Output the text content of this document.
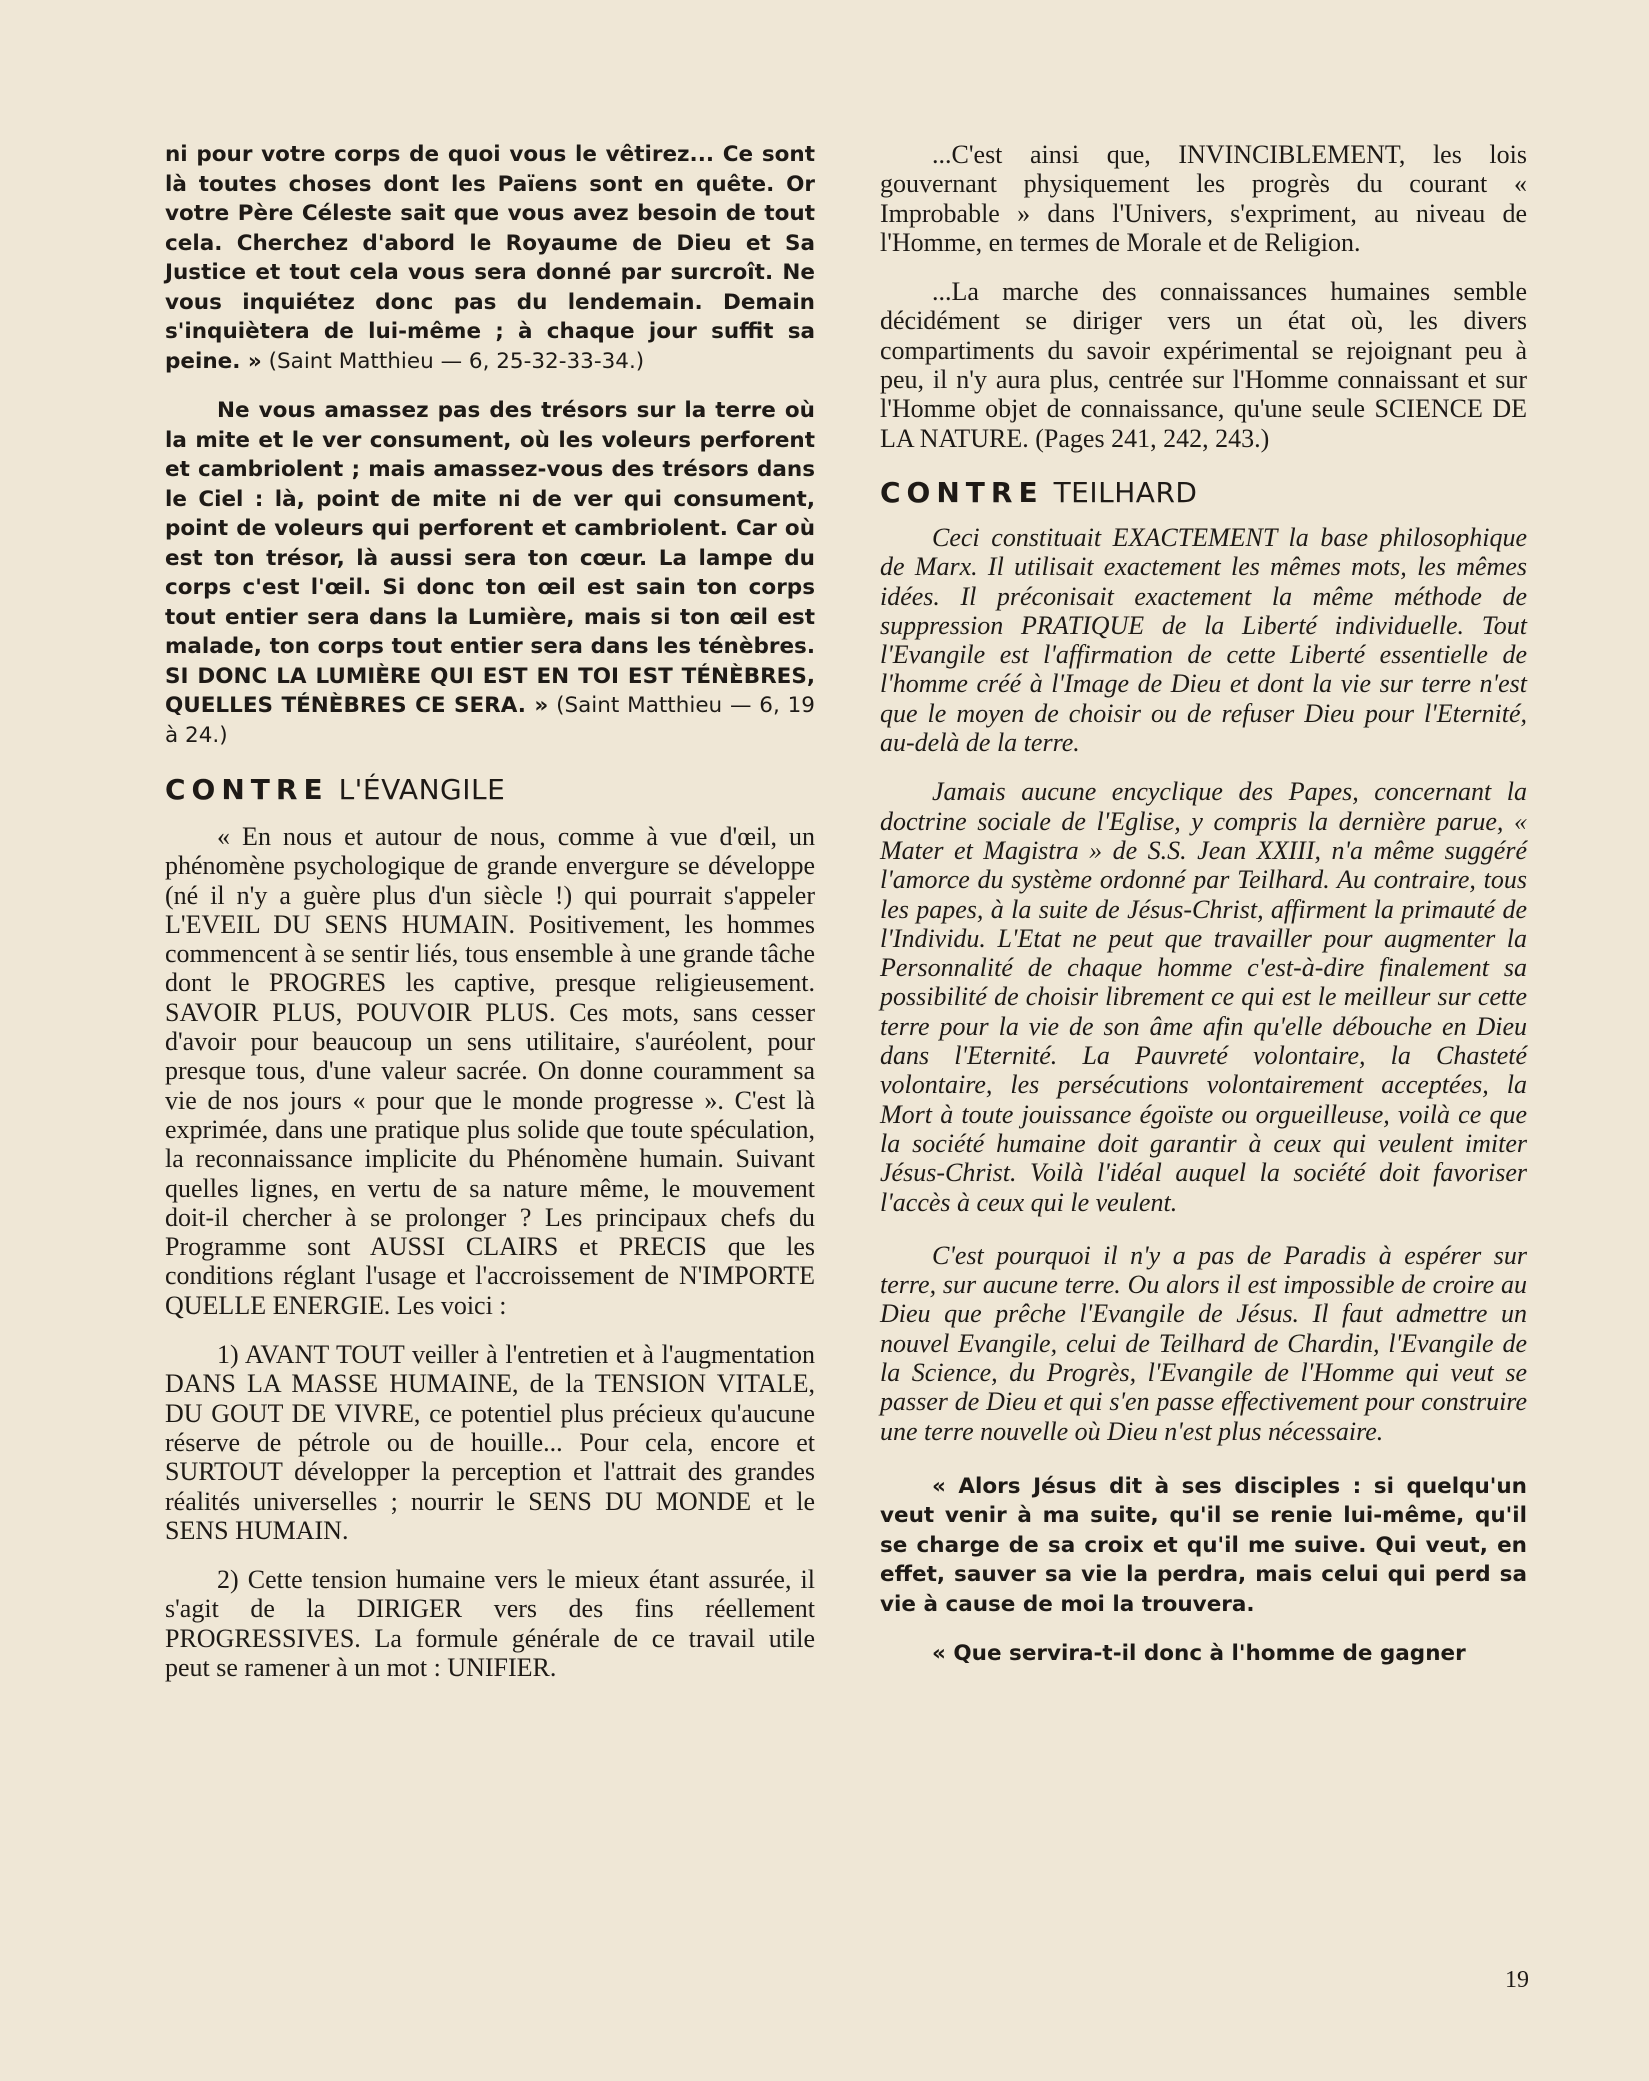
ni pour votre corps de quoi vous le vêtirez... Ce sont là toutes choses dont les Païens sont en quête. Or votre Père Céleste sait que vous avez besoin de tout cela. Cherchez d'abord le Royaume de Dieu et Sa Justice et tout cela vous sera donné par surcroît. Ne vous inquiétez donc pas du lendemain. Demain s'inquiètera de lui-même ; à chaque jour suffit sa peine. » (Saint Matthieu — 6, 25-32-33-34.)

Ne vous amassez pas des trésors sur la terre où la mite et le ver consument, où les voleurs perforent et cambriolent ; mais amassez-vous des trésors dans le Ciel : là, point de mite ni de ver qui consument, point de voleurs qui perforent et cambriolent. Car où est ton trésor, là aussi sera ton cœur. La lampe du corps c'est l'œil. Si donc ton œil est sain ton corps tout entier sera dans la Lumière, mais si ton œil est malade, ton corps tout entier sera dans les ténèbres. SI DONC LA LUMIÈRE QUI EST EN TOI EST TÉNÈBRES, QUELLES TÉNÈBRES CE SERA. » (Saint Matthieu — 6, 19 à 24.)

CONTRE L'ÉVANGILE

« En nous et autour de nous, comme à vue d'œil, un phénomène psychologique de grande envergure se développe (né il n'y a guère plus d'un siècle !) qui pourrait s'appeler L'EVEIL DU SENS HUMAIN. Positivement, les hommes commencent à se sentir liés, tous ensemble à une grande tâche dont le PROGRES les captive, presque religieusement. SAVOIR PLUS, POUVOIR PLUS. Ces mots, sans cesser d'avoir pour beaucoup un sens utilitaire, s'auréolent, pour presque tous, d'une valeur sacrée. On donne couramment sa vie de nos jours « pour que le monde progresse ». C'est là exprimée, dans une pratique plus solide que toute spéculation, la reconnaissance implicite du Phénomène humain. Suivant quelles lignes, en vertu de sa nature même, le mouvement doit-il chercher à se prolonger ? Les principaux chefs du Programme sont AUSSI CLAIRS et PRECIS que les conditions réglant l'usage et l'accroissement de N'IMPORTE QUELLE ENERGIE. Les voici :

1) AVANT TOUT veiller à l'entretien et à l'augmentation DANS LA MASSE HUMAINE, de la TENSION VITALE, DU GOUT DE VIVRE, ce potentiel plus précieux qu'aucune réserve de pétrole ou de houille... Pour cela, encore et SURTOUT développer la perception et l'attrait des grandes réalités universelles ; nourrir le SENS DU MONDE et le SENS HUMAIN.

2) Cette tension humaine vers le mieux étant assurée, il s'agit de la DIRIGER vers des fins réellement PROGRESSIVES. La formule générale de ce travail utile peut se ramener à un mot : UNIFIER.

...C'est ainsi que, INVINCIBLEMENT, les lois gouvernant physiquement les progrès du courant « Improbable » dans l'Univers, s'expriment, au niveau de l'Homme, en termes de Morale et de Religion.

...La marche des connaissances humaines semble décidément se diriger vers un état où, les divers compartiments du savoir expérimental se rejoignant peu à peu, il n'y aura plus, centrée sur l'Homme connaissant et sur l'Homme objet de connaissance, qu'une seule SCIENCE DE LA NATURE. (Pages 241, 242, 243.)

CONTRE TEILHARD

Ceci constituait EXACTEMENT la base philosophique de Marx. Il utilisait exactement les mêmes mots, les mêmes idées. Il préconisait exactement la même méthode de suppression PRATIQUE de la Liberté individuelle. Tout l'Evangile est l'affirmation de cette Liberté essentielle de l'homme créé à l'Image de Dieu et dont la vie sur terre n'est que le moyen de choisir ou de refuser Dieu pour l'Eternité, au-delà de la terre.

Jamais aucune encyclique des Papes, concernant la doctrine sociale de l'Eglise, y compris la dernière parue, « Mater et Magistra » de S.S. Jean XXIII, n'a même suggéré l'amorce du système ordonné par Teilhard. Au contraire, tous les papes, à la suite de Jésus-Christ, affirment la primauté de l'Individu. L'Etat ne peut que travailler pour augmenter la Personnalité de chaque homme c'est-à-dire finalement sa possibilité de choisir librement ce qui est le meilleur sur cette terre pour la vie de son âme afin qu'elle débouche en Dieu dans l'Eternité. La Pauvreté volontaire, la Chasteté volontaire, les persécutions volontairement acceptées, la Mort à toute jouissance égoïste ou orgueilleuse, voilà ce que la société humaine doit garantir à ceux qui veulent imiter Jésus-Christ. Voilà l'idéal auquel la société doit favoriser l'accès à ceux qui le veulent.

C'est pourquoi il n'y a pas de Paradis à espérer sur terre, sur aucune terre. Ou alors il est impossible de croire au Dieu que prêche l'Evangile de Jésus. Il faut admettre un nouvel Evangile, celui de Teilhard de Chardin, l'Evangile de la Science, du Progrès, l'Evangile de l'Homme qui veut se passer de Dieu et qui s'en passe effectivement pour construire une terre nouvelle où Dieu n'est plus nécessaire.

« Alors Jésus dit à ses disciples : si quelqu'un veut venir à ma suite, qu'il se renie lui-même, qu'il se charge de sa croix et qu'il me suive. Qui veut, en effet, sauver sa vie la perdra, mais celui qui perd sa vie à cause de moi la trouvera.

« Que servira-t-il donc à l'homme de gagner

19
